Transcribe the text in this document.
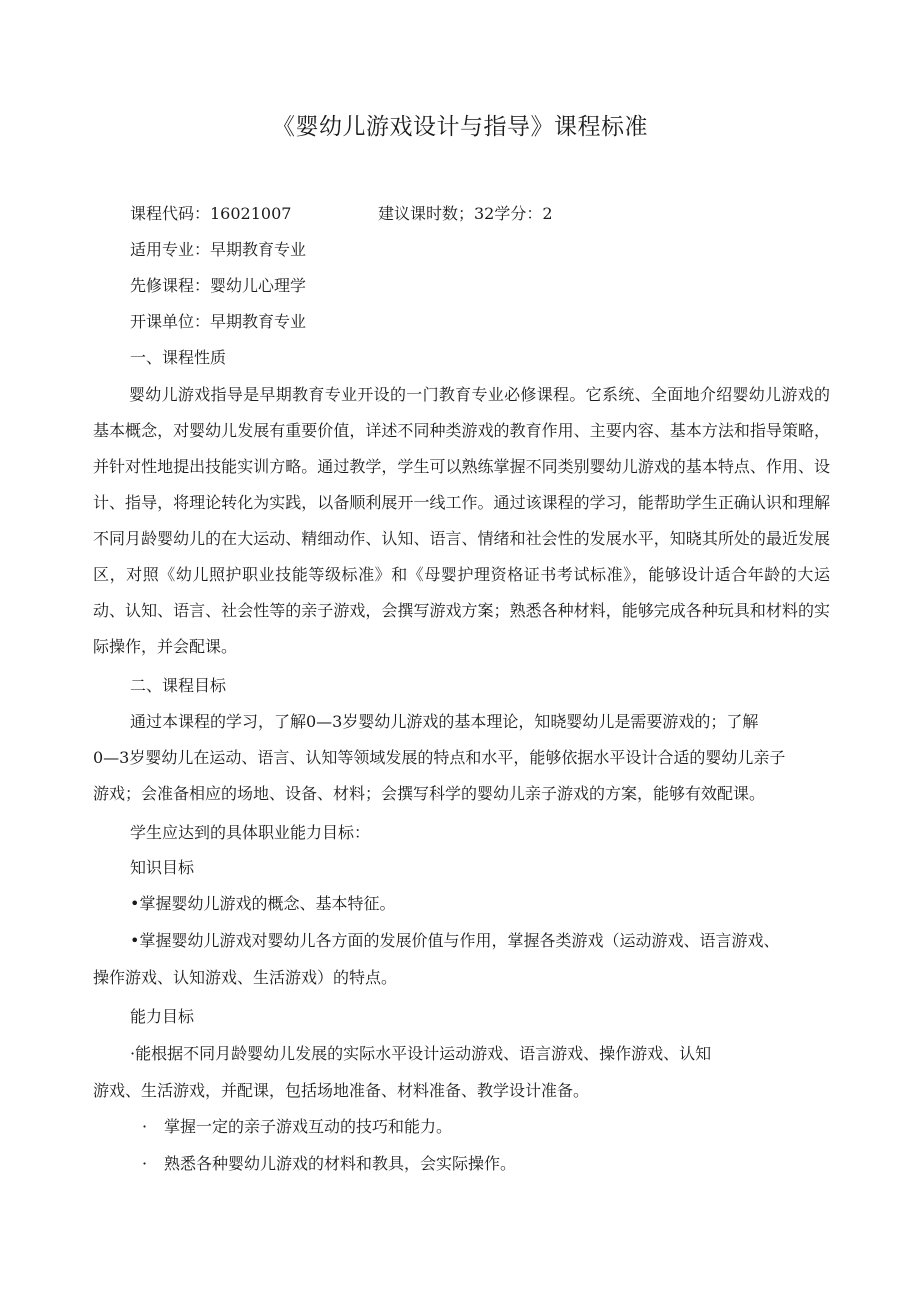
《婴幼儿游戏设计与指导》课程标准
课程代码：16021007	建议课时数；32学分：2
适用专业：早期教育专业
先修课程：婴幼儿心理学
开课单位：早期教育专业
一、课程性质

婴幼儿游戏指导是早期教育专业开设的一门教育专业必修课程。它系统、全面地介绍婴幼儿游戏的基本概念，对婴幼儿发展有重要价值，详述不同种类游戏的教育作用、主要内容、基本方法和指导策略，并针对性地提出技能实训方略。通过教学，学生可以熟练掌握不同类别婴幼儿游戏的基本特点、作用、设计、指导，将理论转化为实践，以备顺利展开一线工作。通过该课程的学习，能帮助学生正确认识和理解不同月龄婴幼儿的在大运动、精细动作、认知、语言、情绪和社会性的发展水平，知晓其所处的最近发展区，对照《幼儿照护职业技能等级标准》和《母婴护理资格证书考试标准》，能够设计适合年龄的大运动、认知、语言、社会性等的亲子游戏，会撰写游戏方案；熟悉各种材料，能够完成各种玩具和材料的实际操作，并会配课。

二、课程目标
通过本课程的学习，了解0—3岁婴幼儿游戏的基本理论，知晓婴幼儿是需要游戏的；了解
0—3岁婴幼儿在运动、语言、认知等领域发展的特点和水平，能够依据水平设计合适的婴幼儿亲子
游戏；会准备相应的场地、设备、材料；会撰写科学的婴幼儿亲子游戏的方案，能够有效配课。
学生应达到的具体职业能力目标：
知识目标
•掌握婴幼儿游戏的概念、基本特征。
•掌握婴幼儿游戏对婴幼儿各方面的发展价值与作用，掌握各类游戏（运动游戏、语言游戏、
操作游戏、认知游戏、生活游戏）的特点。
能力目标
·能根据不同月龄婴幼儿发展的实际水平设计运动游戏、语言游戏、操作游戏、认知
游戏、生活游戏，并配课，包括场地准备、材料准备、教学设计准备。
· 掌握一定的亲子游戏互动的技巧和能力。
· 熟悉各种婴幼儿游戏的材料和教具，会实际操作。
